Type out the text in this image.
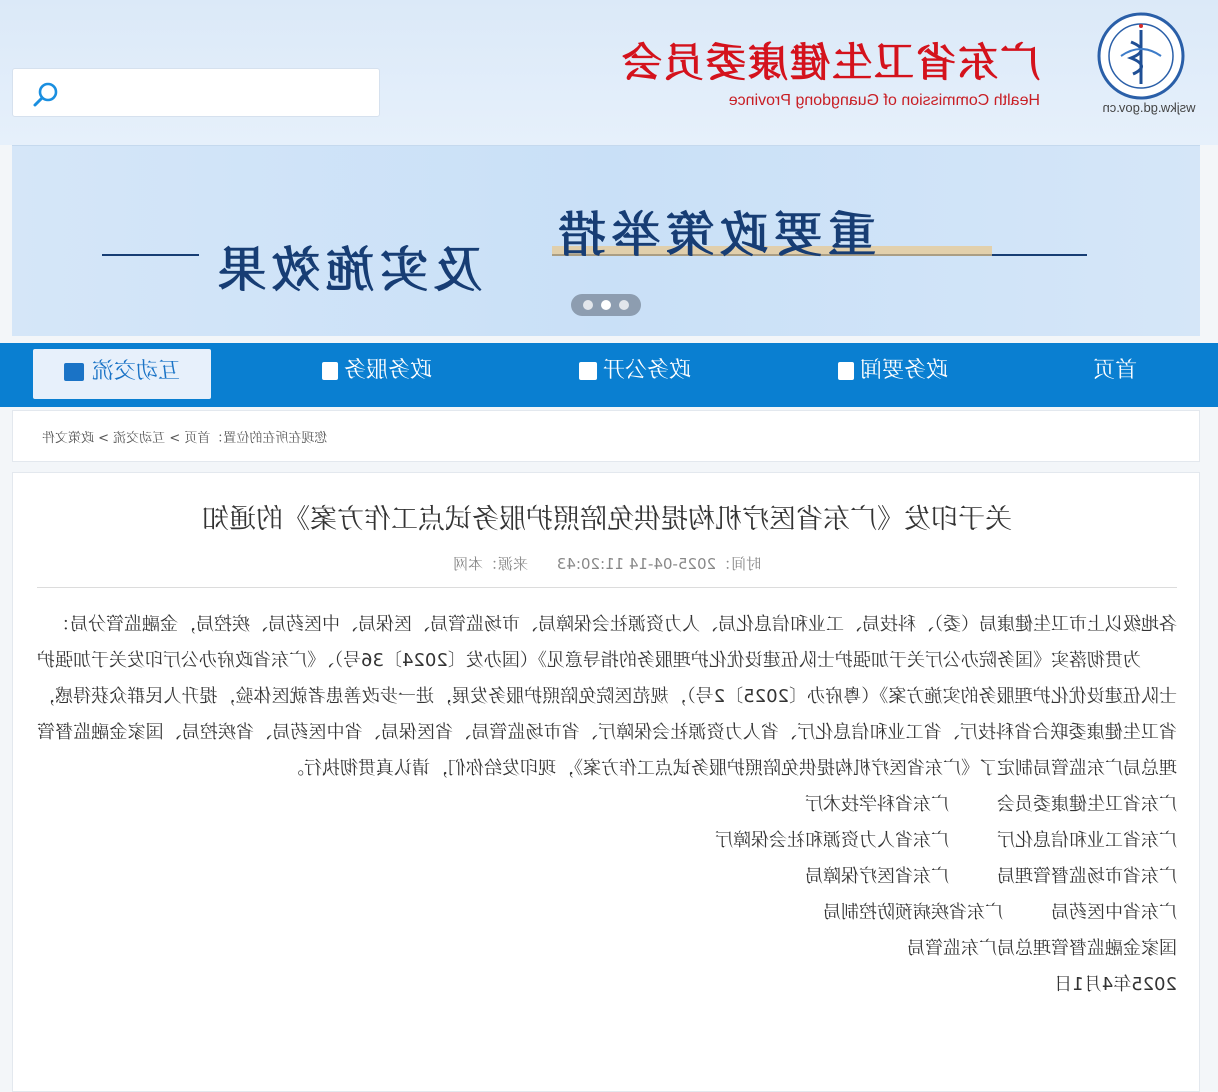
广东省卫生健康委员会
Health Commission of Guangdong Province	wsjkw.gd.gov.cn
重要政策举措
及实施效果
首页
政务要闻
政务公开
政务服务
互动交流
您现在所在的位置：首页 > 互动交流 > 政策文件
关于印发《广东省医疗机构提供免陪照护服务试点工作方案》的通知
时间：2025-04-14 11:20:43 来源：本网

各地级以上市卫生健康局（委）、科技局、工业和信息化局、人力资源社会保障局、市场监管局、医保局、中医药局、疾控局，金融监管分局：

为贯彻落实《国务院办公厅关于加强护士队伍建设优化护理服务的指导意见》（国办发〔2024〕36号）、《广东省政府办公厅印发关于加强护士队伍建设优化护理服务的实施方案》（粤府办〔2025〕2号），规范医院免陪照护服务发展，进一步改善患者就医体验，提升人民群众获得感，省卫生健康委联合省科技厅、省工业和信息化厅、省人力资源社会保障厅、省市场监管局、省医保局、省中医药局、省疾控局、国家金融监督管理总局广东监管局制定了《广东省医疗机构提供免陪照护服务试点工作方案》，现印发给你们，请认真贯彻执行。

广东省卫生健康委员会
广东省科学技术厅
广东省工业和信息化厅
广东省人力资源和社会保障厅
广东省市场监督管理局
广东省医疗保障局
广东省中医药局
广东省疾病预防控制局
国家金融监督管理总局广东监管局
2025年4月1日
